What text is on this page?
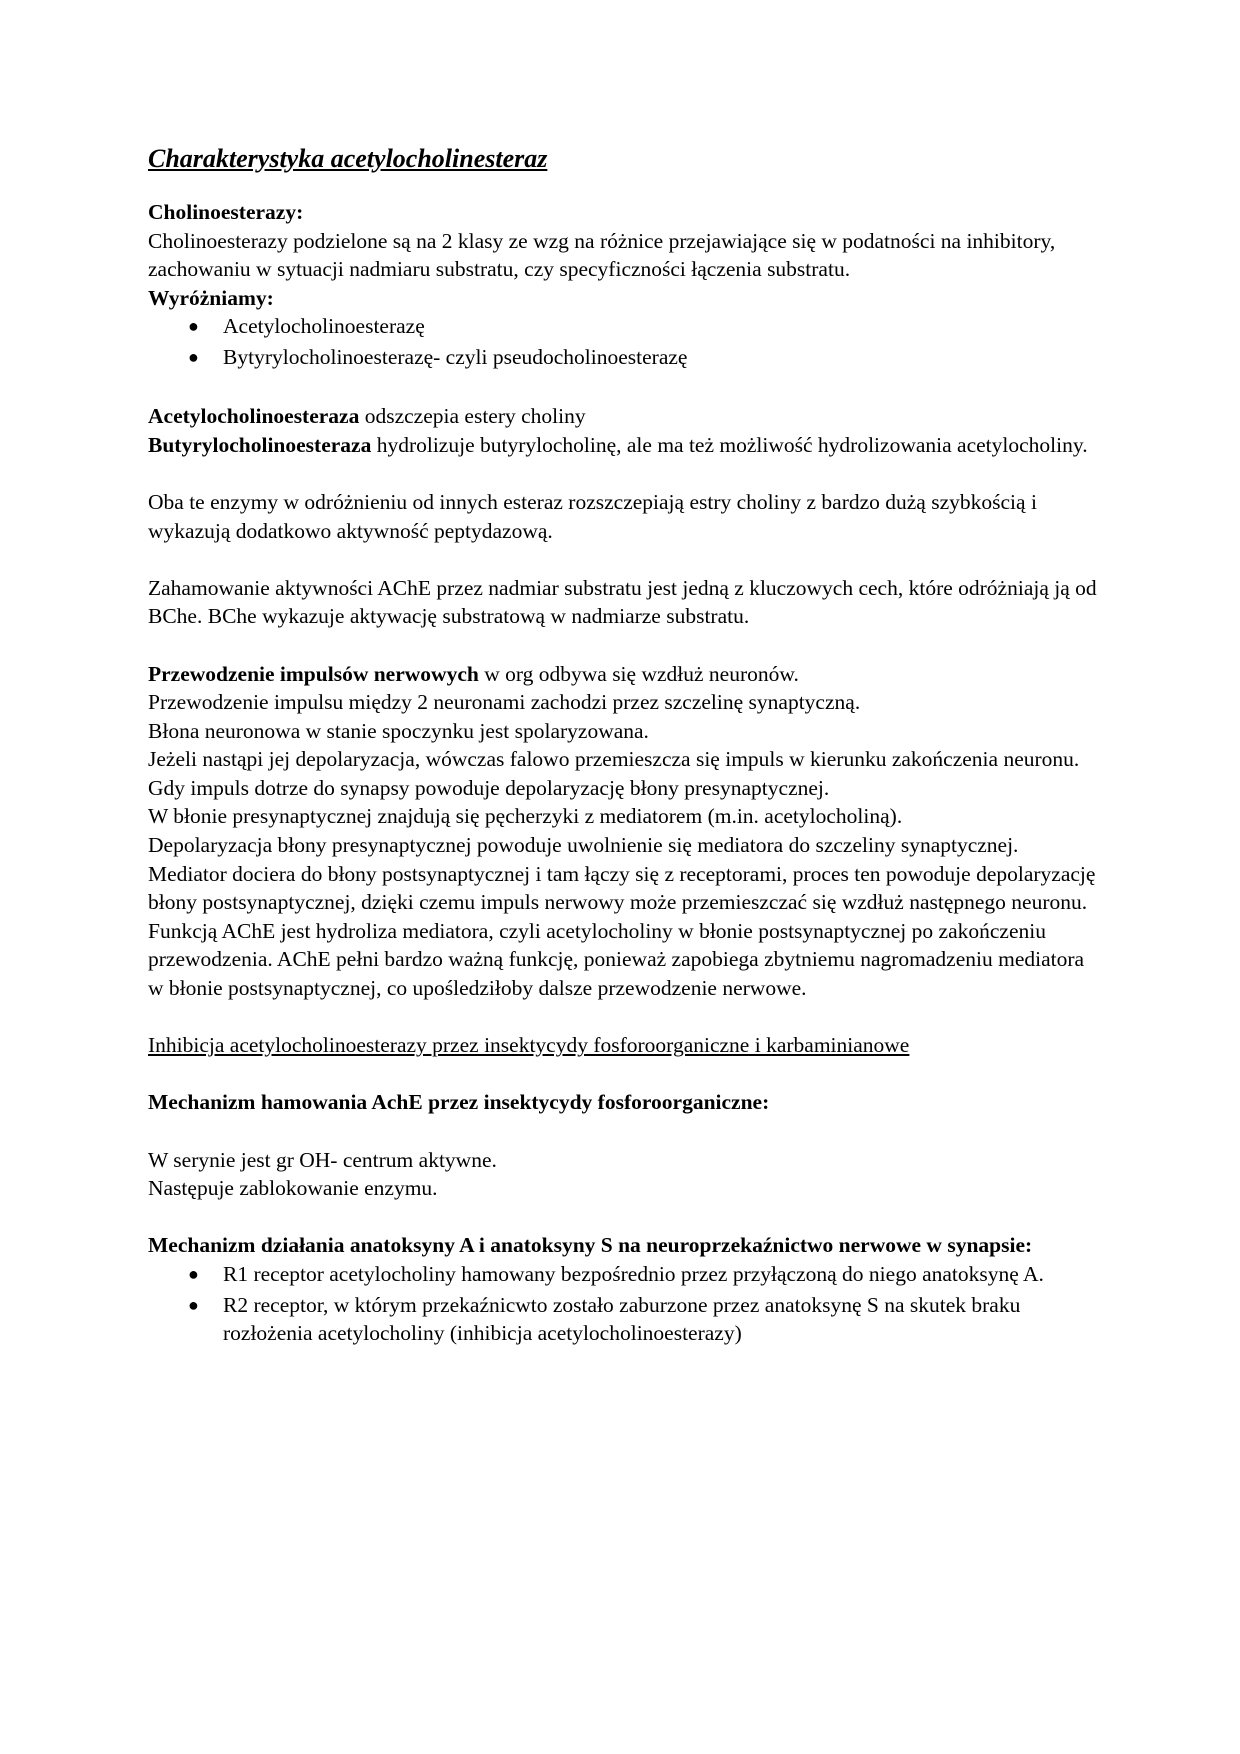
Charakterystyka acetylocholinesteraz

Cholinoesterazy:

Cholinoesterazy podzielone są na 2 klasy ze wzg na różnice przejawiające się w podatności na inhibitory, zachowaniu w sytuacji nadmiaru substratu, czy specyficzności łączenia substratu.

Wyróżniamy:

● Acetylocholinoesterazę
● Bytyrylocholinoesterazę- czyli pseudocholinoesterazę

Acetylocholinoesteraza odszczepia estery choliny

Butyrylocholinoesteraza hydrolizuje butyrylocholinę, ale ma też możliwość hydrolizowania acetylocholiny.

Oba te enzymy w odróżnieniu od innych esteraz rozszczepiają estry choliny z bardzo dużą szybkością i wykazują dodatkowo aktywność peptydazową.

Zahamowanie aktywności AChE przez nadmiar substratu jest jedną z kluczowych cech, które odróżniają ją od BChe. BChe wykazuje aktywację substratową w nadmiarze substratu.

Przewodzenie impulsów nerwowych w org odbywa się wzdłuż neuronów.

Przewodzenie impulsu między 2 neuronami zachodzi przez szczelinę synaptyczną.

Błona neuronowa w stanie spoczynku jest spolaryzowana.

Jeżeli nastąpi jej depolaryzacja, wówczas falowo przemieszcza się impuls w kierunku zakończenia neuronu.

Gdy impuls dotrze do synapsy powoduje depolaryzację błony presynaptycznej.

W błonie presynaptycznej znajdują się pęcherzyki z mediatorem (m.in. acetylocholiną).

Depolaryzacja błony presynaptycznej powoduje uwolnienie się mediatora do szczeliny synaptycznej.

Mediator dociera do błony postsynaptycznej i tam łączy się z receptorami, proces ten powoduje depolaryzację błony postsynaptycznej, dzięki czemu impuls nerwowy może przemieszczać się wzdłuż następnego neuronu.

Funkcją AChE jest hydroliza mediatora, czyli acetylocholiny w błonie postsynaptycznej po zakończeniu przewodzenia. AChE pełni bardzo ważną funkcję, ponieważ zapobiega zbytniemu nagromadzeniu mediatora w błonie postsynaptycznej, co upośledziłoby dalsze przewodzenie nerwowe.

Inhibicja acetylocholinoesterazy przez insektycydy fosforoorganiczne i karbaminianowe

Mechanizm hamowania AchE przez insektycydy fosforoorganiczne:

W serynie jest gr OH- centrum aktywne.

Następuje zablokowanie enzymu.

Mechanizm działania anatoksyny A i anatoksyny S na neuroprzekaźnictwo nerwowe w synapsie:

● R1 receptor acetylocholiny hamowany bezpośrednio przez przyłączoną do niego anatoksynę A.
● R2 receptor, w którym przekaźnicwto zostało zaburzone przez anatoksynę S na skutek braku rozłożenia acetylocholiny (inhibicja acetylocholinoesterazy)
